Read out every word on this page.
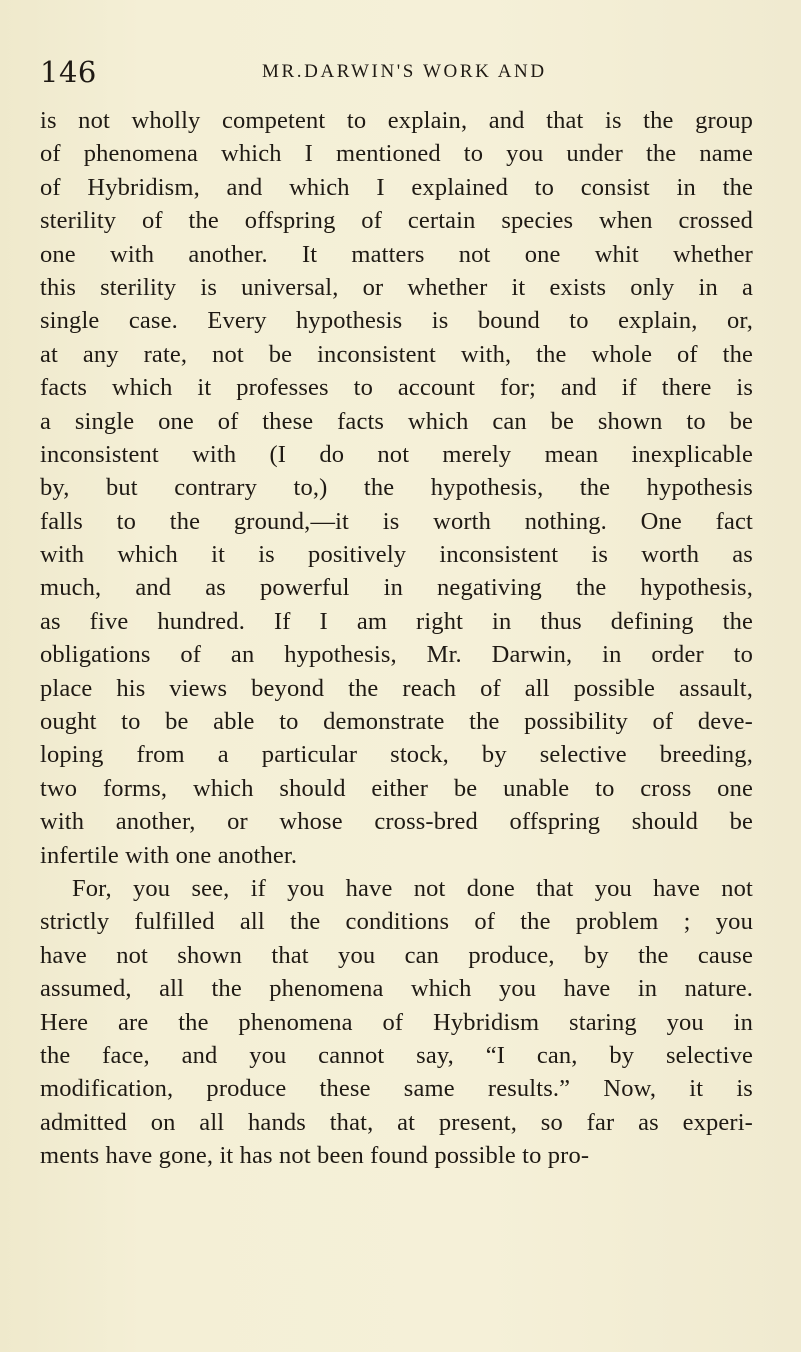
146	MR.DARWIN'S WORK AND
is not wholly competent to explain, and that is the group
of phenomena which I mentioned to you under the name
of Hybridism, and which I explained to consist in the
sterility of the offspring of certain species when crossed
one with another. It matters not one whit whether
this sterility is universal, or whether it exists only in a
single case. Every hypothesis is bound to explain, or,
at any rate, not be inconsistent with, the whole of the
facts which it professes to account for; and if there is
a single one of these facts which can be shown to be
inconsistent with (I do not merely mean inexplicable
by, but contrary to,) the hypothesis, the hypothesis
falls to the ground,—it is worth nothing. One fact
with which it is positively inconsistent is worth as
much, and as powerful in negativing the hypothesis,
as five hundred. If I am right in thus defining the
obligations of an hypothesis, Mr. Darwin, in order to
place his views beyond the reach of all possible assault,
ought to be able to demonstrate the possibility of deve-
loping from a particular stock, by selective breeding,
two forms, which should either be unable to cross one
with another, or whose cross-bred offspring should be
infertile with one another.
For, you see, if you have not done that you have not
strictly fulfilled all the conditions of the problem ; you
have not shown that you can produce, by the cause
assumed, all the phenomena which you have in nature.
Here are the phenomena of Hybridism staring you in
the face, and you cannot say, “I can, by selective
modification, produce these same results.” Now, it is
admitted on all hands that, at present, so far as experi-
ments have gone, it has not been found possible to pro-
